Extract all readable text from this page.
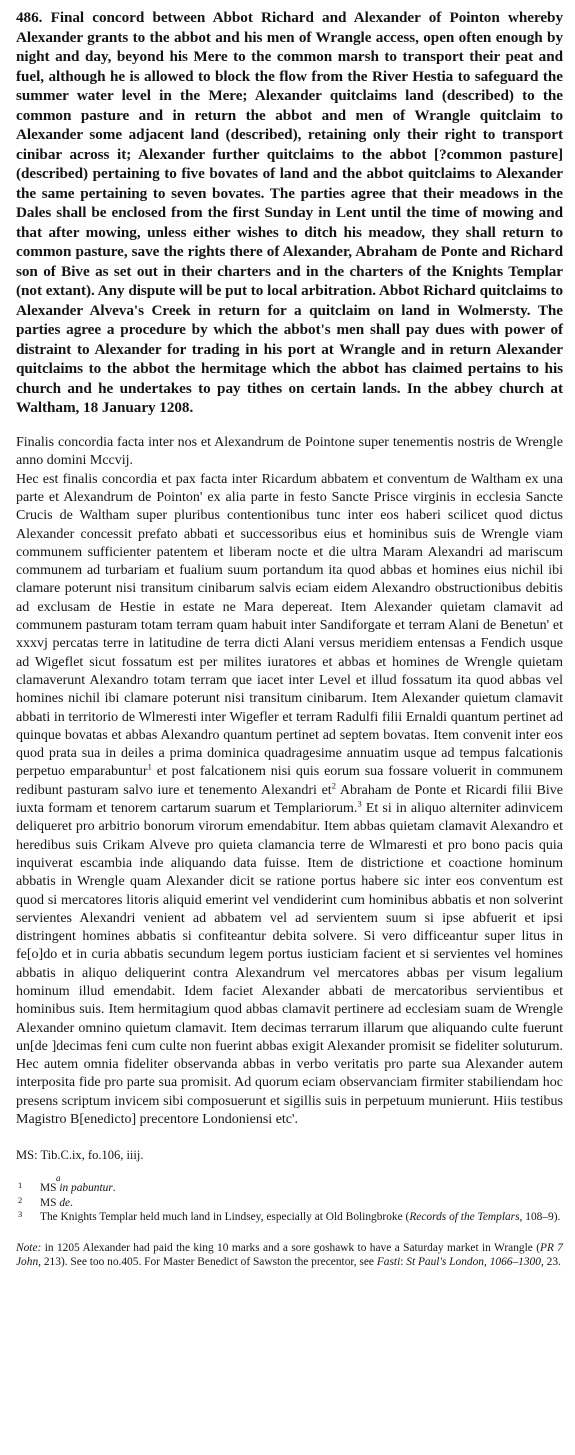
486. Final concord between Abbot Richard and Alexander of Pointon whereby Alexander grants to the abbot and his men of Wrangle access, open often enough by night and day, beyond his Mere to the common marsh to transport their peat and fuel, although he is allowed to block the flow from the River Hestia to safeguard the summer water level in the Mere; Alexander quitclaims land (described) to the common pasture and in return the abbot and men of Wrangle quitclaim to Alexander some adjacent land (described), retaining only their right to transport cinibar across it; Alexander further quitclaims to the abbot [?common pasture] (described) pertaining to five bovates of land and the abbot quitclaims to Alexander the same pertaining to seven bovates. The parties agree that their meadows in the Dales shall be enclosed from the first Sunday in Lent until the time of mowing and that after mowing, unless either wishes to ditch his meadow, they shall return to common pasture, save the rights there of Alexander, Abraham de Ponte and Richard son of Bive as set out in their charters and in the charters of the Knights Templar (not extant). Any dispute will be put to local arbitration. Abbot Richard quitclaims to Alexander Alveva's Creek in return for a quitclaim on land in Wolmersty. The parties agree a procedure by which the abbot's men shall pay dues with power of distraint to Alexander for trading in his port at Wrangle and in return Alexander quitclaims to the abbot the hermitage which the abbot has claimed pertains to his church and he undertakes to pay tithes on certain lands. In the abbey church at Waltham, 18 January 1208.

Finalis concordia facta inter nos et Alexandrum de Pointone super tenementis nostris de Wrengle anno domini Mccvij.

Hec est finalis concordia et pax facta inter Ricardum abbatem et conventum de Waltham ex una parte et Alexandrum de Pointon' ex alia parte in festo Sancte Prisce virginis in ecclesia Sancte Crucis de Waltham super pluribus contentionibus tunc inter eos haberi scilicet quod dictus Alexander concessit prefato abbati et successoribus eius et hominibus suis de Wrengle viam communem sufficienter patentem et liberam nocte et die ultra Maram Alexandri ad mariscum communem ad turbariam et fualium suum portandum ita quod abbas et homines eius nichil ibi clamare poterunt nisi transitum cinibarum salvis eciam eidem Alexandro obstructionibus debitis ad exclusam de Hestie in estate ne Mara depereat. Item Alexander quietam clamavit ad communem pasturam totam terram quam habuit inter Sandiforgate et terram Alani de Benetun' et xxxvj percatas terre in latitudine de terra dicti Alani versus meridiem entensas a Fendich usque ad Wigeflet sicut fossatum est per milites iuratores et abbas et homines de Wrengle quietam clamaverunt Alexandro totam terram que iacet inter Level et illud fossatum ita quod abbas vel homines nichil ibi clamare poterunt nisi transitum cinibarum. Item Alexander quietum clamavit abbati in territorio de Wlmeresti inter Wigefler et terram Radulfi filii Ernaldi quantum pertinet ad quinque bovatas et abbas Alexandro quantum pertinet ad septem bovatas. Item convenit inter eos quod prata sua in deiles a prima dominica quadragesime annuatim usque ad tempus falcationis perpetuo emparabuntur$^1$ et post falcationem nisi quis eorum sua fossare voluerit in communem redibunt pasturam salvo iure et tenemento Alexandri $et^2$ Abraham de Ponte et Ricardi filii Bive iuxta formam et tenorem cartarum suarum et Templariorum.$^3$ Et si in aliquo alterniter adinvicem deliqueret pro arbitrio bonorum virorum emendabitur. Item abbas quietam clamavit Alexandro et heredibus suis Crikam Alveve pro quieta clamancia terre de Wlmaresti et pro bono pacis quia inquiverat escambia inde aliquando data fuisse. Item de districtione et coactione hominum abbatis in Wrengle quam Alexander dicit se ratione portus habere sic inter eos conventum est quod si mercatores litoris aliquid emerint vel vendiderint cum hominibus abbatis et non solverint servientes Alexandri venient ad abbatem vel ad servientem suum si ipse abfuerit et ipsi distringent homines abbatis si confiteantur debita solvere. Si vero difficeantur super litus in fe[o]do et in curia abbatis secundum legem portus iusticiam facient et si servientes vel homines abbatis in aliquo deliquerint contra Alexandrum vel mercatores abbas per visum legalium hominum illud emendabit. Idem faciet Alexander abbati de mercatoribus servientibus et hominibus suis. Item hermitagium quod abbas clamavit pertinere ad ecclesiam suam de Wrengle Alexander omnino quietum clamavit. Item decimas terrarum illarum que aliquando culte fuerunt un[de ]decimas feni cum culte non fuerint abbas exigit Alexander promisit se fideliter soluturum. Hec autem omnia fideliter observanda abbas in verbo veritatis pro parte sua Alexander autem interposita fide pro parte sua promisit. Ad quorum eciam observanciam firmiter stabiliendam hoc presens scriptum invicem sibi composuerunt et sigillis suis in perpetuum munierunt. Hiis testibus Magistro B[enedicto] precentore Londoniensi etc'.

MS: Tib.C.ix, fo.106, iiij.

1
a
MS in pabuntur.
2 MS de.
3 The Knights Templar held much land in Lindsey, especially at Old Bolingbroke (Records of the Templars, 108–9).

Note: in 1205 Alexander had paid the king 10 marks and a sore goshawk to have a Saturday market in Wrangle (PR 7 John, 213). See too no.405. For Master Benedict of Sawston the precentor, see Fasti: St Paul's London, 1066–1300, 23.
